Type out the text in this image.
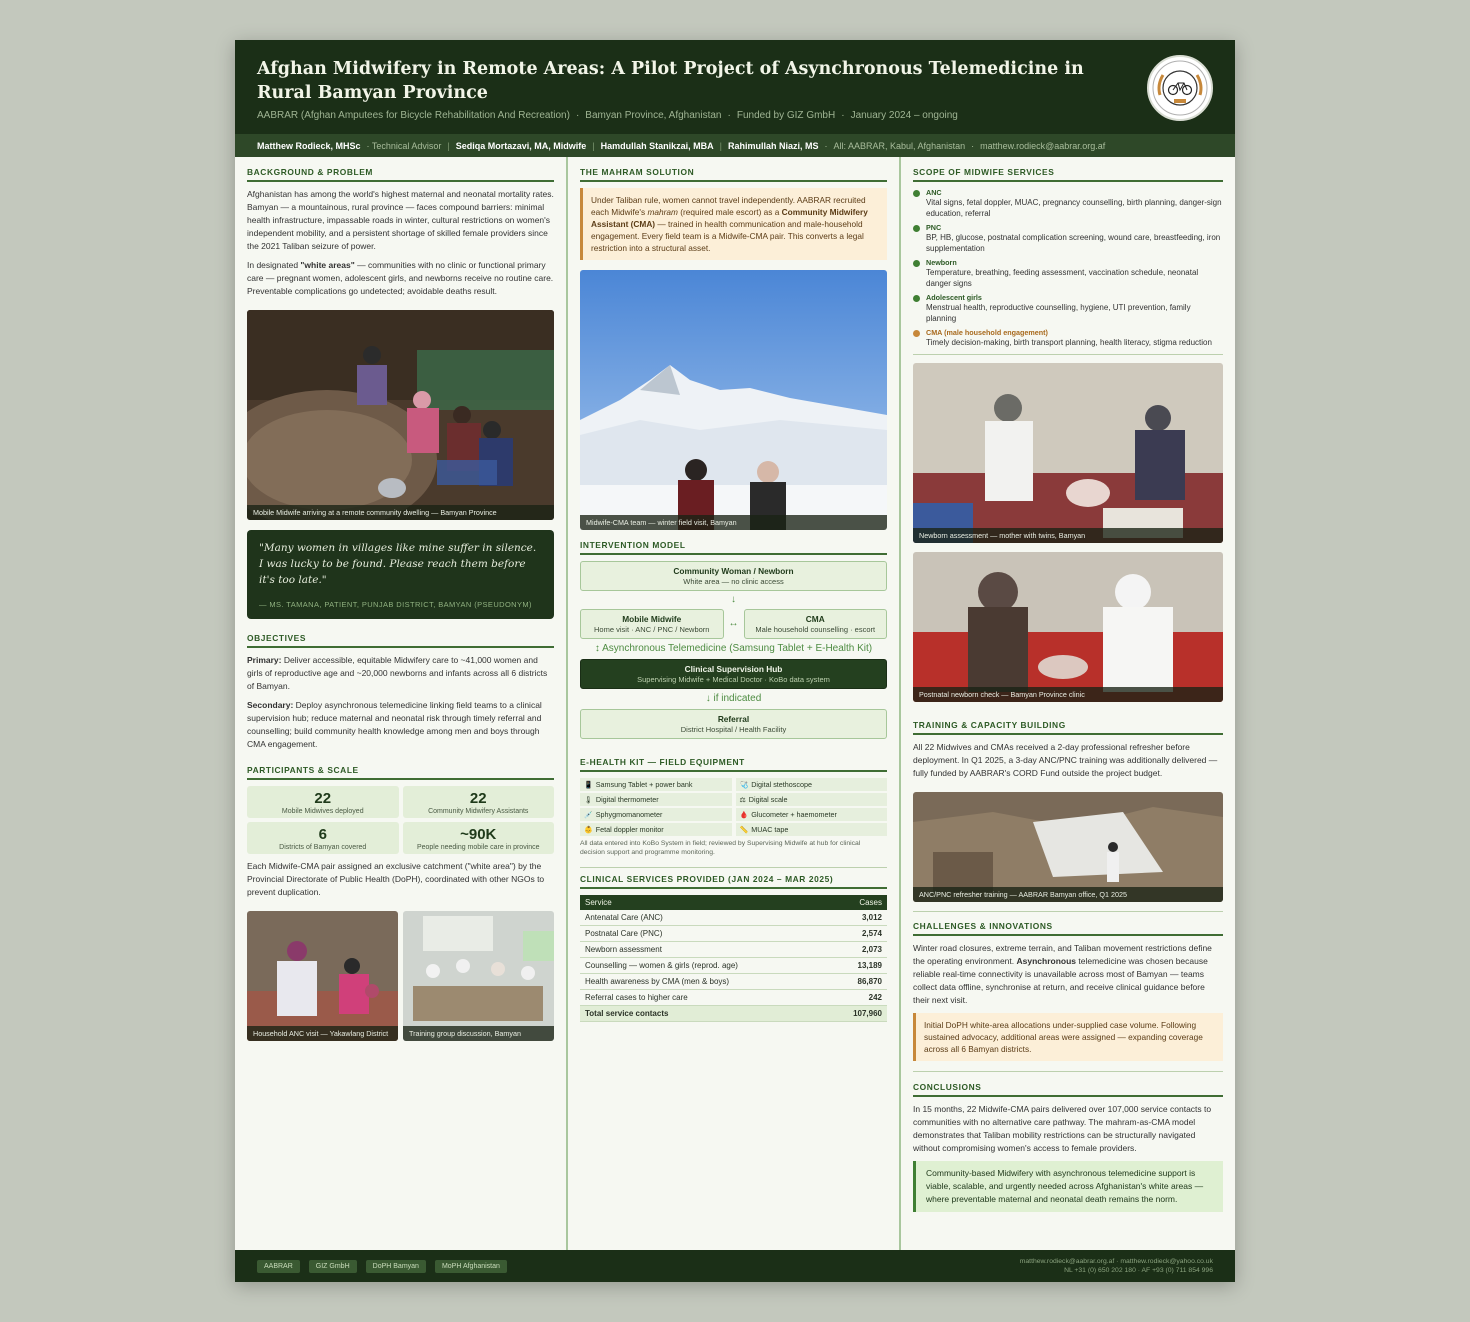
Afghan Midwifery in Remote Areas: A Pilot Project of Asynchronous Telemedicine in Rural Bamyan Province
AABRAR (Afghan Amputees for Bicycle Rehabilitation And Recreation) · Bamyan Province, Afghanistan · Funded by GIZ GmbH · January 2024 – ongoing
Matthew Rodieck, MHSc · Technical Advisor | Sediqa Mortazavi, MA, Midwife | Hamdullah Stanikzai, MBA | Rahimullah Niazi, MS · All: AABRAR, Kabul, Afghanistan · matthew.rodieck@aabrar.org.af
BACKGROUND & PROBLEM

Afghanistan has among the world's highest maternal and neonatal mortality rates. Bamyan — a mountainous, rural province — faces compound barriers: minimal health infrastructure, impassable roads in winter, cultural restrictions on women's independent mobility, and a persistent shortage of skilled female providers since the 2021 Taliban seizure of power.

In designated "white areas" — communities with no clinic or functional primary care — pregnant women, adolescent girls, and newborns receive no routine care. Preventable complications go undetected; avoidable deaths result.

Mobile Midwife arriving at a remote community dwelling — Bamyan Province
"Many women in villages like mine suffer in silence. I was lucky to be found. Please reach them before it's too late."
— MS. TAMANA, PATIENT, PUNJAB DISTRICT, BAMYAN (PSEUDONYM)
OBJECTIVES

Primary: Deliver accessible, equitable Midwifery care to ~41,000 women and girls of reproductive age and ~20,000 newborns and infants across all 6 districts of Bamyan.

Secondary: Deploy asynchronous telemedicine linking field teams to a clinical supervision hub; reduce maternal and neonatal risk through timely referral and counselling; build community health knowledge among men and boys through CMA engagement.

PARTICIPANTS & SCALE
22
Mobile Midwives deployed
22
Community Midwifery Assistants
6
Districts of Bamyan covered
~90K
People needing mobile care in province

Each Midwife-CMA pair assigned an exclusive catchment ("white area") by the Provincial Directorate of Public Health (DoPH), coordinated with other NGOs to prevent duplication.

Household ANC visit — Yakawlang District	Training group discussion, Bamyan
THE MAHRAM SOLUTION
Under Taliban rule, women cannot travel independently. AABRAR recruited each Midwife's mahram (required male escort) as a Community Midwifery Assistant (CMA) — trained in health communication and male-household engagement. Every field team is a Midwife-CMA pair. This converts a legal restriction into a structural asset.
Midwife-CMA team — winter field visit, Bamyan
INTERVENTION MODEL
Community Woman / Newborn
White area — no clinic access
↓
Mobile Midwife
Home visit · ANC / PNC / Newborn
↔	CMA
Male household counselling · escort
↕ Asynchronous Telemedicine (Samsung Tablet + E-Health Kit)
Clinical Supervision Hub
Supervising Midwife + Medical Doctor · KoBo data system
↓ if indicated
Referral
District Hospital / Health Facility
E-HEALTH KIT — FIELD EQUIPMENT
📱 Samsung Tablet + power bank	🩺 Digital stethoscope
🌡 Digital thermometer	⚖ Digital scale
💉 Sphygmomanometer	🩸 Glucometer + haemometer
👶 Fetal doppler monitor	📏 MUAC tape
All data entered into KoBo System in field; reviewed by Supervising Midwife at hub for clinical decision support and programme monitoring.
CLINICAL SERVICES PROVIDED (JAN 2024 – MAR 2025)
Service	Cases
Antenatal Care (ANC)	3,012
Postnatal Care (PNC)	2,574
Newborn assessment	2,073
Counselling — women & girls (reprod. age)	13,189
Health awareness by CMA (men & boys)	86,870
Referral cases to higher care	242
Total service contacts	107,960
SCOPE OF MIDWIFE SERVICES
ANC
Vital signs, fetal doppler, MUAC, pregnancy counselling, birth planning, danger-sign education, referral
PNC
BP, HB, glucose, postnatal complication screening, wound care, breastfeeding, iron supplementation
Newborn
Temperature, breathing, feeding assessment, vaccination schedule, neonatal danger signs
Adolescent girls
Menstrual health, reproductive counselling, hygiene, UTI prevention, family planning
CMA (male household engagement)
Timely decision-making, birth transport planning, health literacy, stigma reduction
Newborn assessment — mother with twins, Bamyan
Postnatal newborn check — Bamyan Province clinic
TRAINING & CAPACITY BUILDING

All 22 Midwives and CMAs received a 2-day professional refresher before deployment. In Q1 2025, a 3-day ANC/PNC training was additionally delivered — fully funded by AABRAR's CORD Fund outside the project budget.

ANC/PNC refresher training — AABRAR Bamyan office, Q1 2025
CHALLENGES & INNOVATIONS

Winter road closures, extreme terrain, and Taliban movement restrictions define the operating environment. Asynchronous telemedicine was chosen because reliable real-time connectivity is unavailable across most of Bamyan — teams collect data offline, synchronise at return, and receive clinical guidance before their next visit.

Initial DoPH white-area allocations under-supplied case volume. Following sustained advocacy, additional areas were assigned — expanding coverage across all 6 Bamyan districts.
CONCLUSIONS

In 15 months, 22 Midwife-CMA pairs delivered over 107,000 service contacts to communities with no alternative care pathway. The mahram-as-CMA model demonstrates that Taliban mobility restrictions can be structurally navigated without compromising women's access to female providers.

Community-based Midwifery with asynchronous telemedicine support is viable, scalable, and urgently needed across Afghanistan's white areas — where preventable maternal and neonatal death remains the norm.
AABRAR	GIZ GmbH	DoPH Bamyan	MoPH Afghanistan
matthew.rodieck@aabrar.org.af · matthew.rodieck@yahoo.co.uk
NL +31 (0) 650 202 180 · AF +93 (0) 711 854 996
